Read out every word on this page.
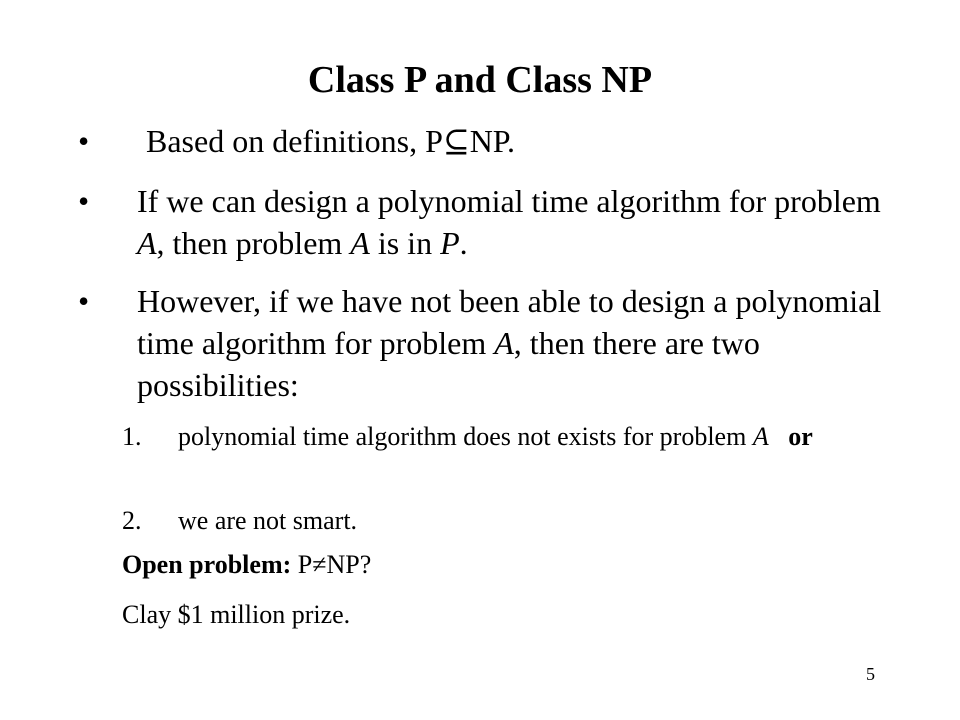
Class P and Class NP
• Based on definitions, P⊆NP.
• If we can design a polynomial time algorithm for problem A, then problem A is in P.
• However, if we have not been able to design a polynomial time algorithm for problem A, then there are two possibilities:
1. polynomial time algorithm does not exists for problem A or
2. we are not smart.
Open problem: P≠NP?
Clay $1 million prize.
5
